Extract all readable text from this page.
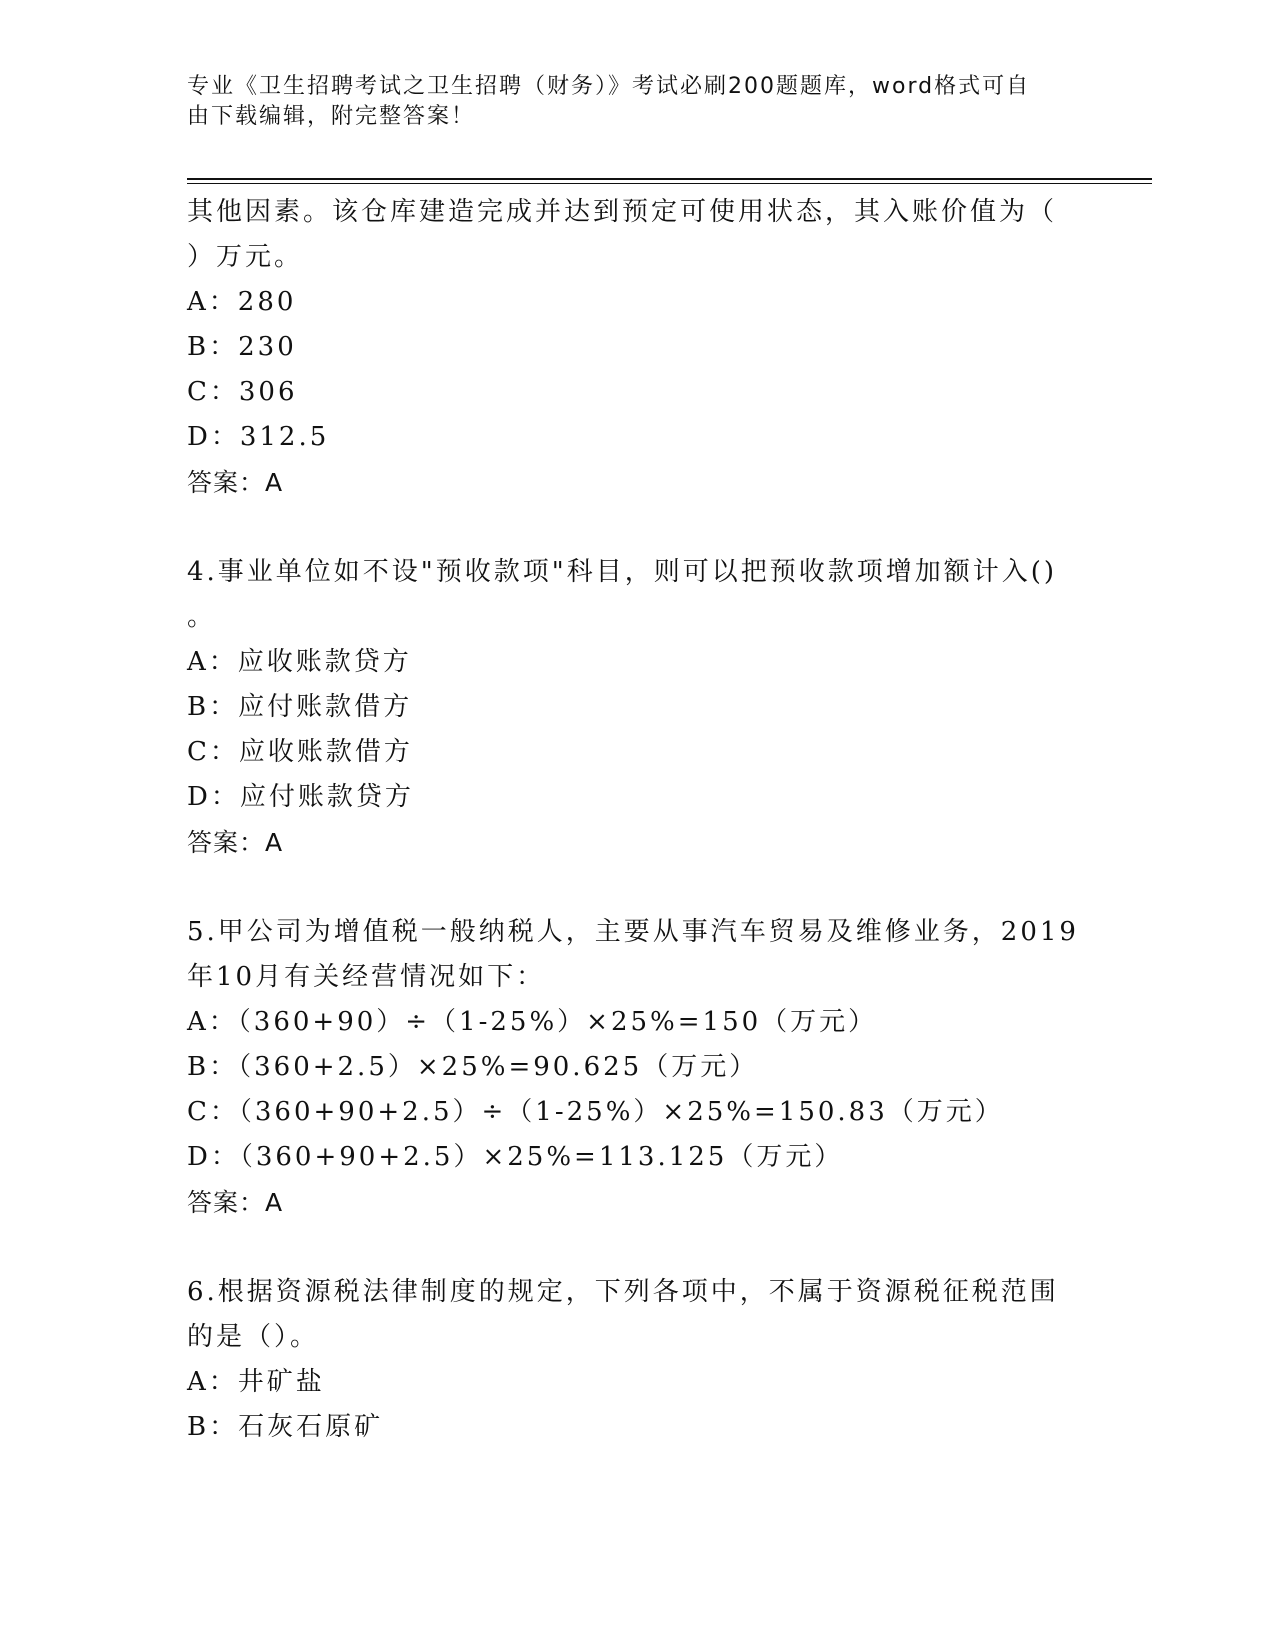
专业《卫生招聘考试之卫生招聘（财务）》考试必刷200题题库，word格式可自
由下载编辑，附完整答案！
其他因素。该仓库建造完成并达到预定可使用状态，其入账价值为（
）万元。
A：280
B：230
C：306
D：312.5
答案：A
4.事业单位如不设"预收款项"科目，则可以把预收款项增加额计入()
。
A：应收账款贷方
B：应付账款借方
C：应收账款借方
D：应付账款贷方
答案：A
5.甲公司为增值税一般纳税人，主要从事汽车贸易及维修业务，2019
年10月有关经营情况如下：
A：（360+90）÷（1-25%）×25%=150（万元）
B：（360+2.5）×25%=90.625（万元）
C：（360+90+2.5）÷（1-25%）×25%=150.83（万元）
D：（360+90+2.5）×25%=113.125（万元）
答案：A
6.根据资源税法律制度的规定，下列各项中，不属于资源税征税范围
的是（）。
A：井矿盐
B：石灰石原矿
